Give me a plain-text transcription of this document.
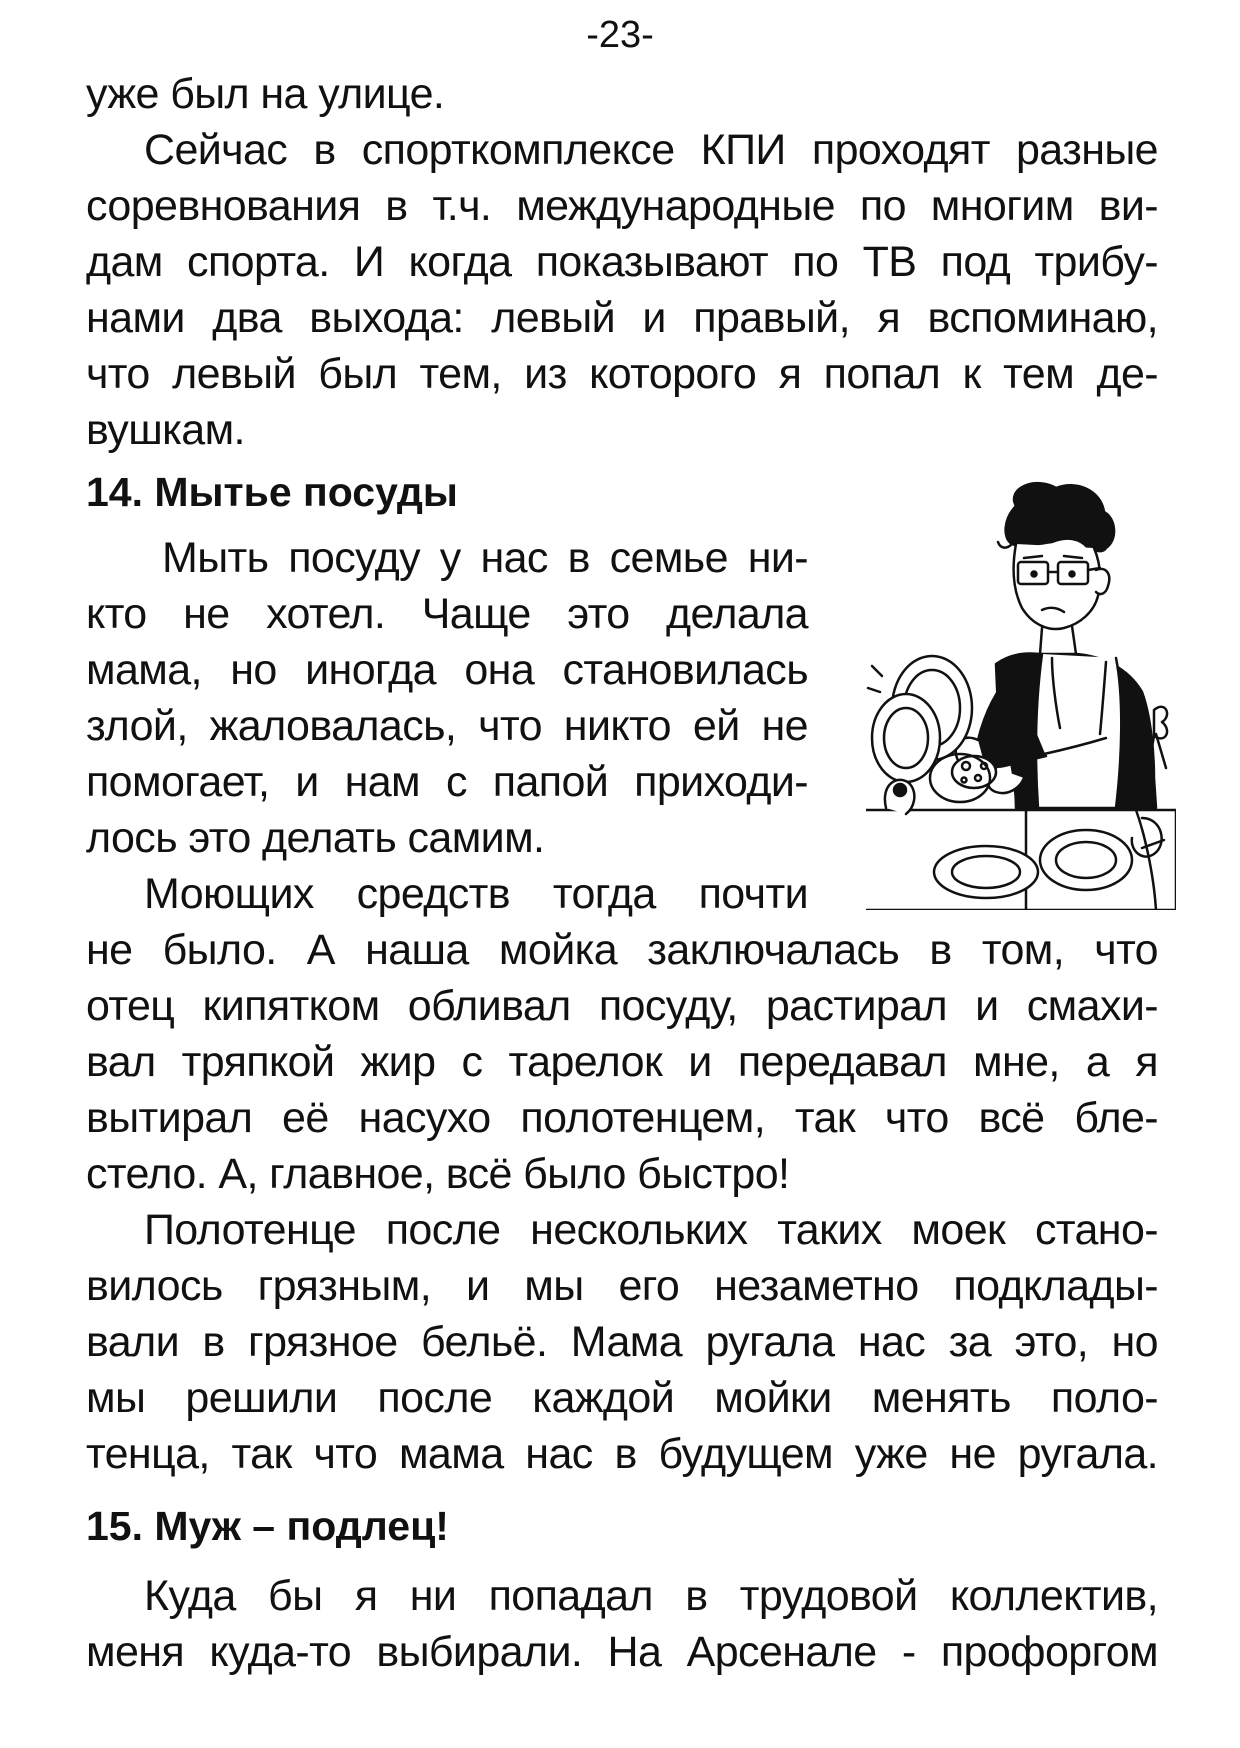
-23-
уже был на улице.
Сейчас в спорткомплексе КПИ проходят разные
соревнования в т.ч. международные по многим ви-
дам спорта. И когда показывают по ТВ под трибу-
нами два выхода: левый и правый, я вспоминаю,
что левый был тем, из которого я попал к тем де-
вушкам.
14. Мытье посуды
Мыть посуду у нас в семье ни-
кто не хотел. Чаще это делала
мама, но иногда она становилась
злой, жаловалась, что никто ей не
помогает, и нам с папой приходи-
лось это делать самим.
Моющих средств тогда почти
не было. А наша мойка заключалась в том, что
отец кипятком обливал посуду, растирал и смахи-
вал тряпкой жир с тарелок и передавал мне, а я
вытирал её насухо полотенцем, так что всё бле-
стело. А, главное, всё было быстро!
Полотенце после нескольких таких моек стано-
вилось грязным, и мы его незаметно подклады-
вали в грязное бельё. Мама ругала нас за это, но
мы решили после каждой мойки менять поло-
тенца, так что мама нас в будущем уже не ругала.
15. Муж – подлец!
Куда бы я ни попадал в трудовой коллектив,
меня куда-то выбирали. На Арсенале - профоргом
